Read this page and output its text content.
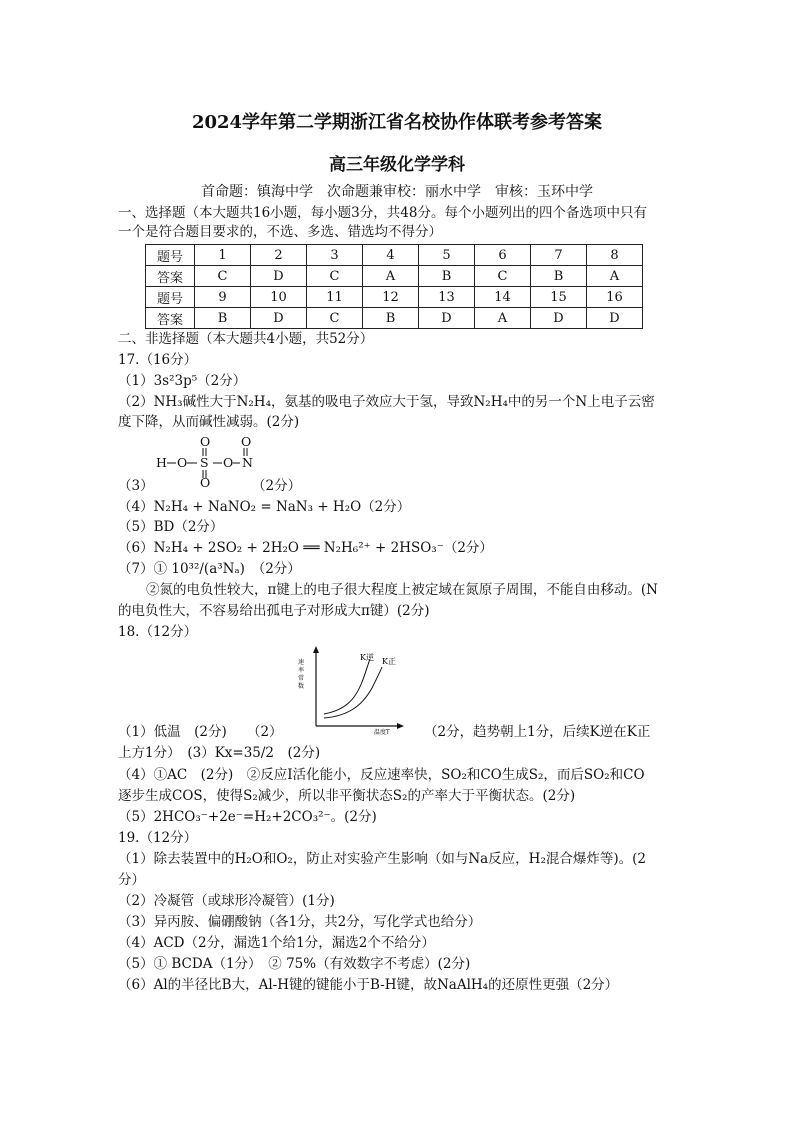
2024学年第二学期浙江省名校协作体联考参考答案
高三年级化学学科
首命题：镇海中学　次命题兼审校：丽水中学　审核：玉环中学
一、选择题（本大题共16小题，每小题3分，共48分。每个小题列出的四个备选项中只有
一个是符合题目要求的，不选、多选、错选均不得分）
题号	1	2	3	4	5	6	7	8
答案	C	D	C	A	B	C	B	A
题号	9	10	11	12	13	14	15	16
答案	B	D	C	B	D	A	D	D
二、非选择题（本大题共4小题，共52分）
17.（16分）
（1）3s²3p⁵（2分）
（2）NH₃碱性大于N₂H₄，氨基的吸电子效应大于氢，导致N₂H₄中的另一个N上电子云密
度下降，从而碱性减弱。(2分)
O O
H O S O N
O
（3）	（2分）
（4）N₂H₄ + NaNO₂ = NaN₃ + H₂O（2分）
（5）BD（2分）
（6）N₂H₄ + 2SO₂ + 2H₂O ══ N₂H₆²⁺ + 2HSO₃⁻（2分）
（7）① 10³²/(a³Nₐ)　（2分）
②氮的电负性较大，π键上的电子很大程度上被定域在氮原子周围，不能自由移动。(N
的电负性大，不容易给出孤电子对形成大π键）(2分)
18.（12分）
速率常数
温度T
K逆 K正
（1）低温　(2分)　　（2）	（2分，趋势朝上1分，后续K逆在K正
上方1分）　(3）Kx=35/2　(2分)
（4）①AC　(2分)　②反应I活化能小，反应速率快，SO₂和CO生成S₂，而后SO₂和CO
逐步生成COS，使得S₂减少，所以非平衡状态S₂的产率大于平衡状态。(2分)
（5）2HCO₃⁻+2e⁻=H₂+2CO₃²⁻。(2分)
19.（12分）
（1）除去装置中的H₂O和O₂，防止对实验产生影响（如与Na反应，H₂混合爆炸等)。(2
分）
（2）冷凝管（或球形冷凝管）(1分)
（3）异丙胺、偏硼酸钠（各1分，共2分，写化学式也给分）
（4）ACD（2分，漏选1个给1分，漏选2个不给分）
（5）① BCDA（1分）　② 75%（有效数字不考虑）(2分)
（6）Al的半径比B大，Al-H键的键能小于B-H键，故NaAlH₄的还原性更强（2分）
